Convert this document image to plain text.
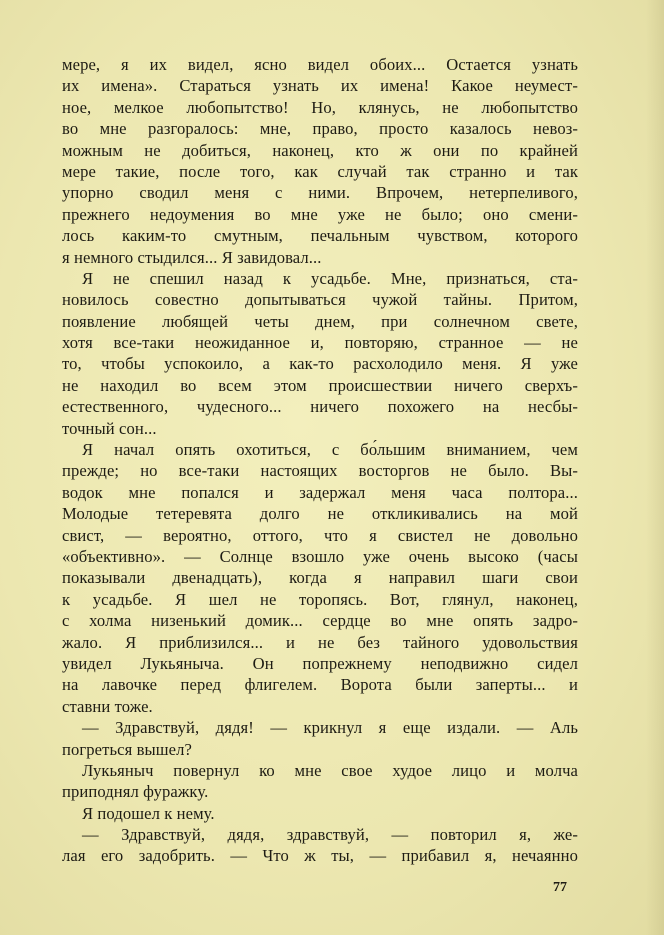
мере, я их видел, ясно видел обоих... Остается узнать
их имена». Стараться узнать их имена! Какое неумест-
ное, мелкое любопытство! Но, клянусь, не любопытство
во мне разгоралось: мне, право, просто казалось невоз-
можным не добиться, наконец, кто ж они по крайней
мере такие, после того, как случай так странно и так
упорно сводил меня с ними. Впрочем, нетерпеливого,
прежнего недоумения во мне уже не было; оно смени-
лось каким-то смутным, печальным чувством, которого
я немного стыдился... Я завидовал...
Я не спешил назад к усадьбе. Мне, признаться, ста-
новилось совестно допытываться чужой тайны. Притом,
появление любящей четы днем, при солнечном свете,
хотя все-таки неожиданное и, повторяю, странное — не
то, чтобы успокоило, а как-то расхолодило меня. Я уже
не находил во всем этом происшествии ничего сверхъ-
естественного, чудесного... ничего похожего на несбы-
точный сон...
Я начал опять охотиться, с бо́льшим вниманием, чем
прежде; но все-таки настоящих восторгов не было. Вы-
водок мне попался и задержал меня часа полтора...
Молодые тетеревята долго не откликивались на мой
свист, — вероятно, оттого, что я свистел не довольно
«объективно». — Солнце взошло уже очень высоко (часы
показывали двенадцать), когда я направил шаги свои
к усадьбе. Я шел не торопясь. Вот, глянул, наконец,
с холма низенький домик... сердце во мне опять задро-
жало. Я приблизился... и не без тайного удовольствия
увидел Лукьяныча. Он попрежнему неподвижно сидел
на лавочке перед флигелем. Ворота были заперты... и
ставни тоже.
— Здравствуй, дядя! — крикнул я еще издали. — Аль
погреться вышел?
Лукьяныч повернул ко мне свое худое лицо и молча
приподнял фуражку.
Я подошел к нему.
— Здравствуй, дядя, здравствуй, — повторил я, же-
лая его задобрить. — Что ж ты, — прибавил я, нечаянно
77
